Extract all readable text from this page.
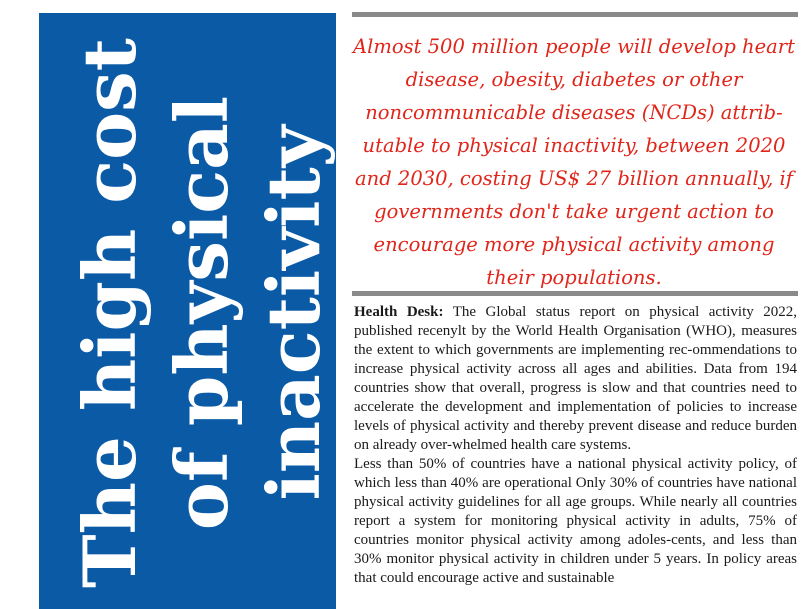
The high cost of physical inactivity

Almost 500 million people will develop heart disease, obesity, diabetes or other noncommunicable diseases (NCDs) attrib-utable to physical inactivity, between 2020 and 2030, costing US$ 27 billion annually, if governments don't take urgent action to encourage more physical activity among their populations.

Health Desk: The Global status report on physical activity 2022, published recenylt by the World Health Organisation (WHO), measures the extent to which governments are implementing rec-ommendations to increase physical activity across all ages and abilities. Data from 194 countries show that overall, progress is slow and that countries need to accelerate the development and implementation of policies to increase levels of physical activity and thereby prevent disease and reduce burden on already over-whelmed health care systems.

Less than 50% of countries have a national physical activity policy, of which less than 40% are operational Only 30% of countries have national physical activity guidelines for all age groups. While nearly all countries report a system for monitoring physical activity in adults, 75% of countries monitor physical activity among adoles-cents, and less than 30% monitor physical activity in children under 5 years. In policy areas that could encourage active and sustainable
